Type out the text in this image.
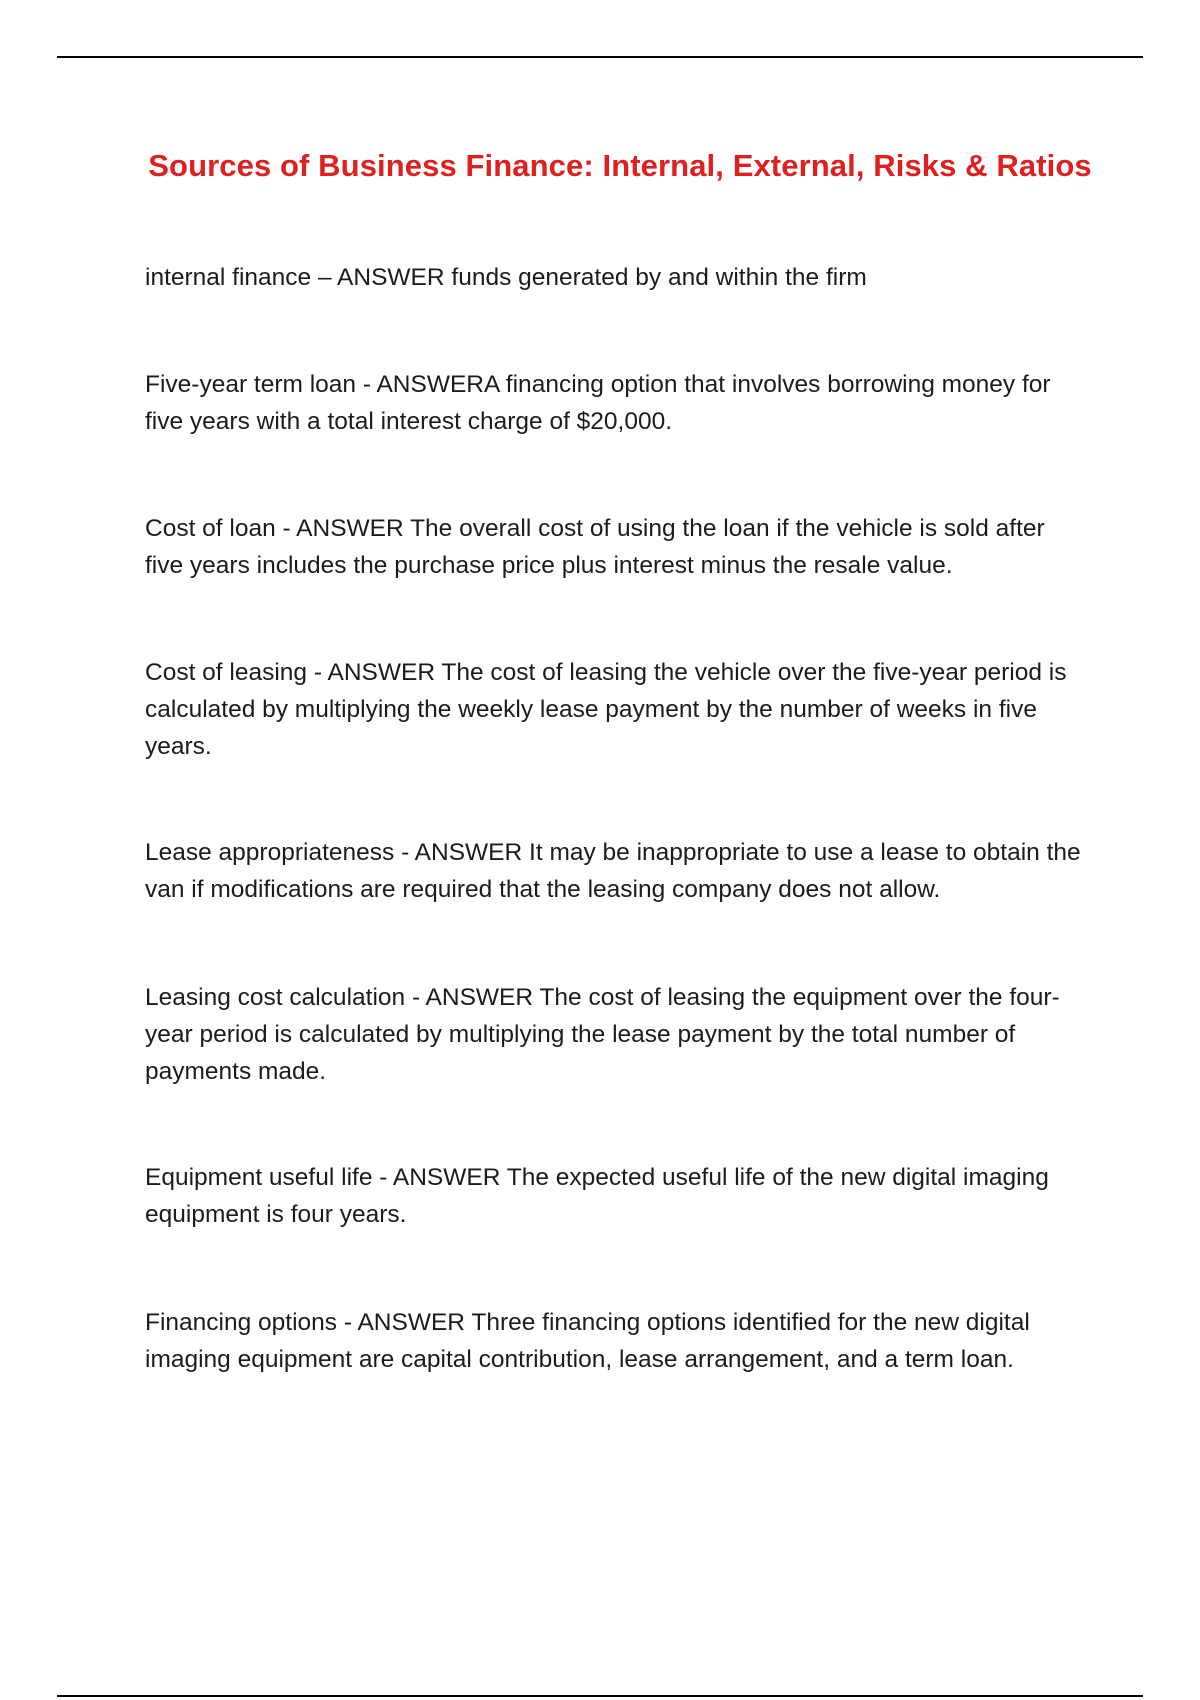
Sources of Business Finance: Internal, External, Risks & Ratios

internal finance – ANSWER funds generated by and within the firm

Five-year term loan - ANSWERA financing option that involves borrowing money for five years with a total interest charge of $20,000.

Cost of loan - ANSWER The overall cost of using the loan if the vehicle is sold after five years includes the purchase price plus interest minus the resale value.

Cost of leasing - ANSWER The cost of leasing the vehicle over the five-year period is calculated by multiplying the weekly lease payment by the number of weeks in five years.

Lease appropriateness - ANSWER It may be inappropriate to use a lease to obtain the van if modifications are required that the leasing company does not allow.

Leasing cost calculation - ANSWER The cost of leasing the equipment over the four-year period is calculated by multiplying the lease payment by the total number of payments made.

Equipment useful life - ANSWER The expected useful life of the new digital imaging equipment is four years.

Financing options - ANSWER Three financing options identified for the new digital imaging equipment are capital contribution, lease arrangement, and a term loan.
